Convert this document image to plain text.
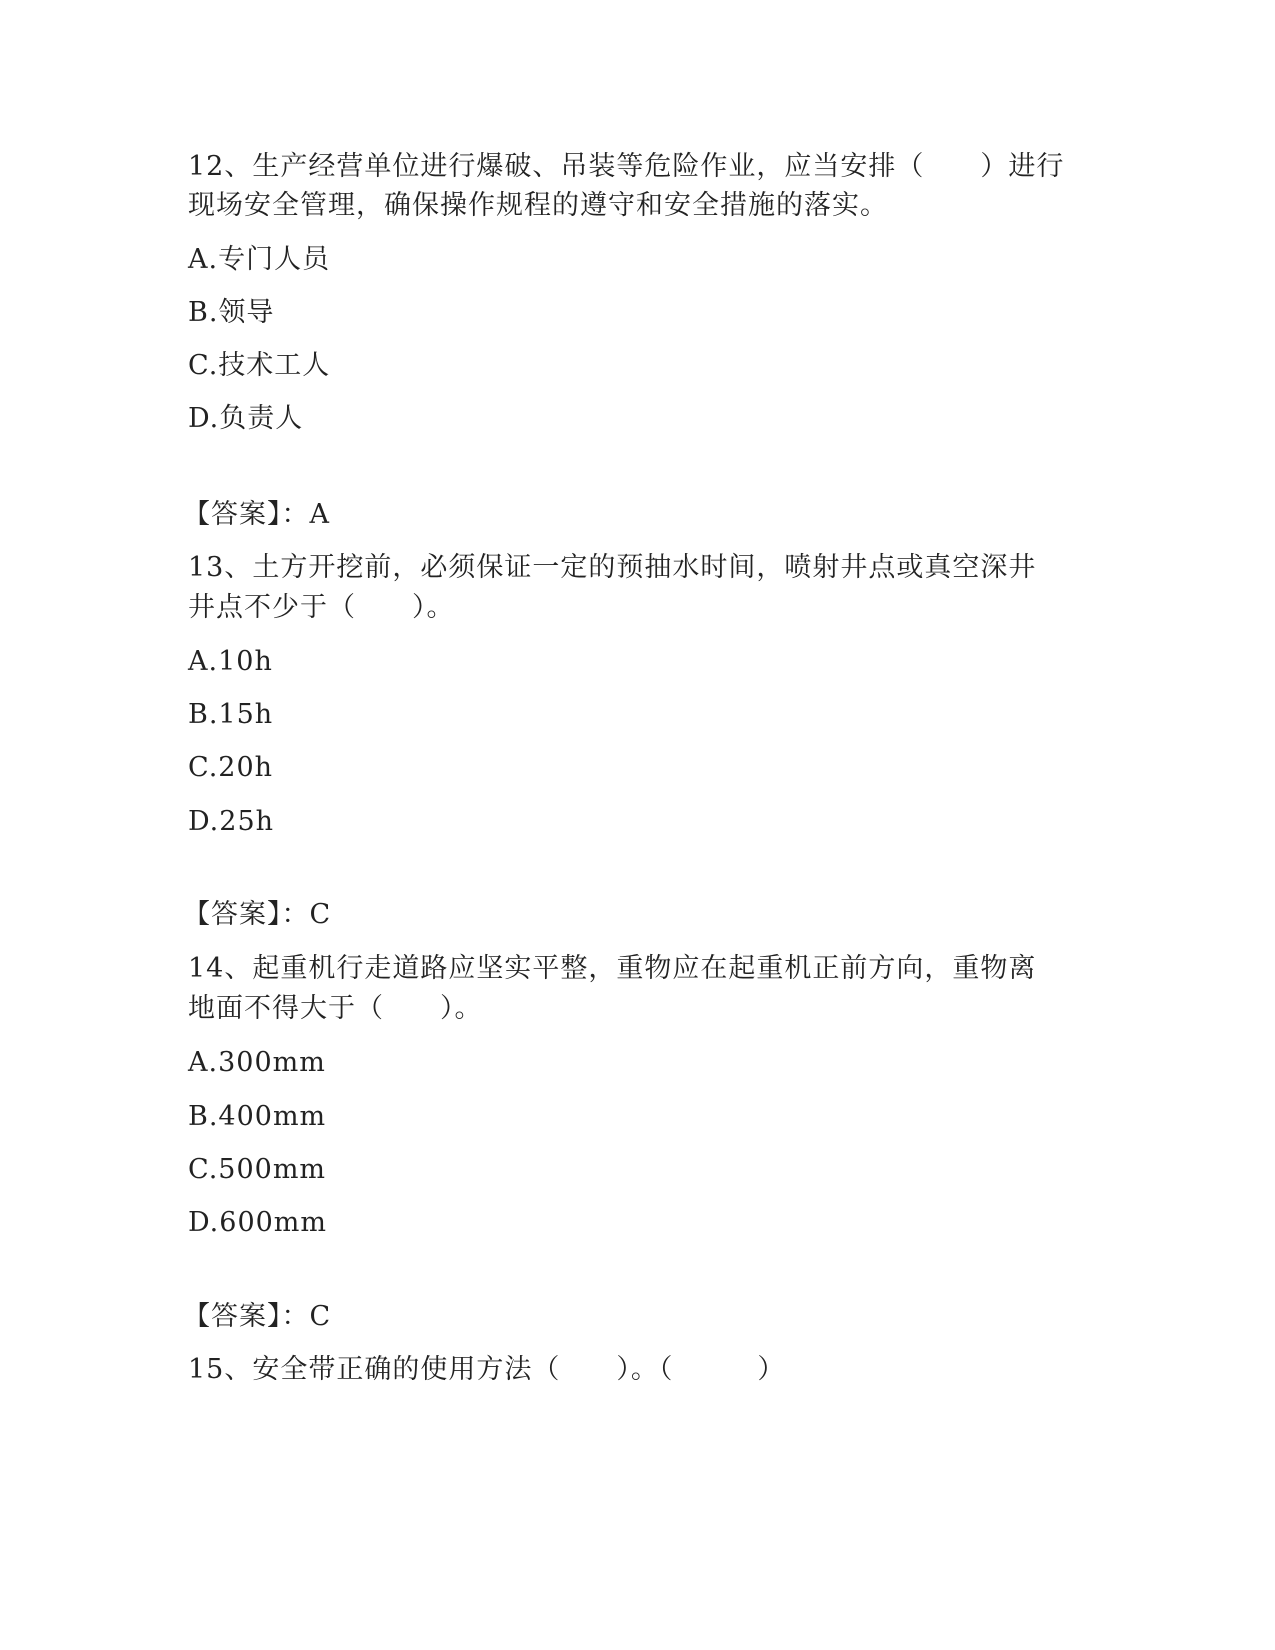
12、生产经营单位进行爆破、吊装等危险作业，应当安排（　　）进行
现场安全管理，确保操作规程的遵守和安全措施的落实。
A.专门人员
B.领导
C.技术工人
D.负责人
【答案】：A
13、土方开挖前，必须保证一定的预抽水时间，喷射井点或真空深井
井点不少于（　　）。
A.10h
B.15h
C.20h
D.25h
【答案】：C
14、起重机行走道路应坚实平整，重物应在起重机正前方向，重物离
地面不得大于（　　）。
A.300mm
B.400mm
C.500mm
D.600mm
【答案】：C
15、安全带正确的使用方法（　　）。（　　　）
